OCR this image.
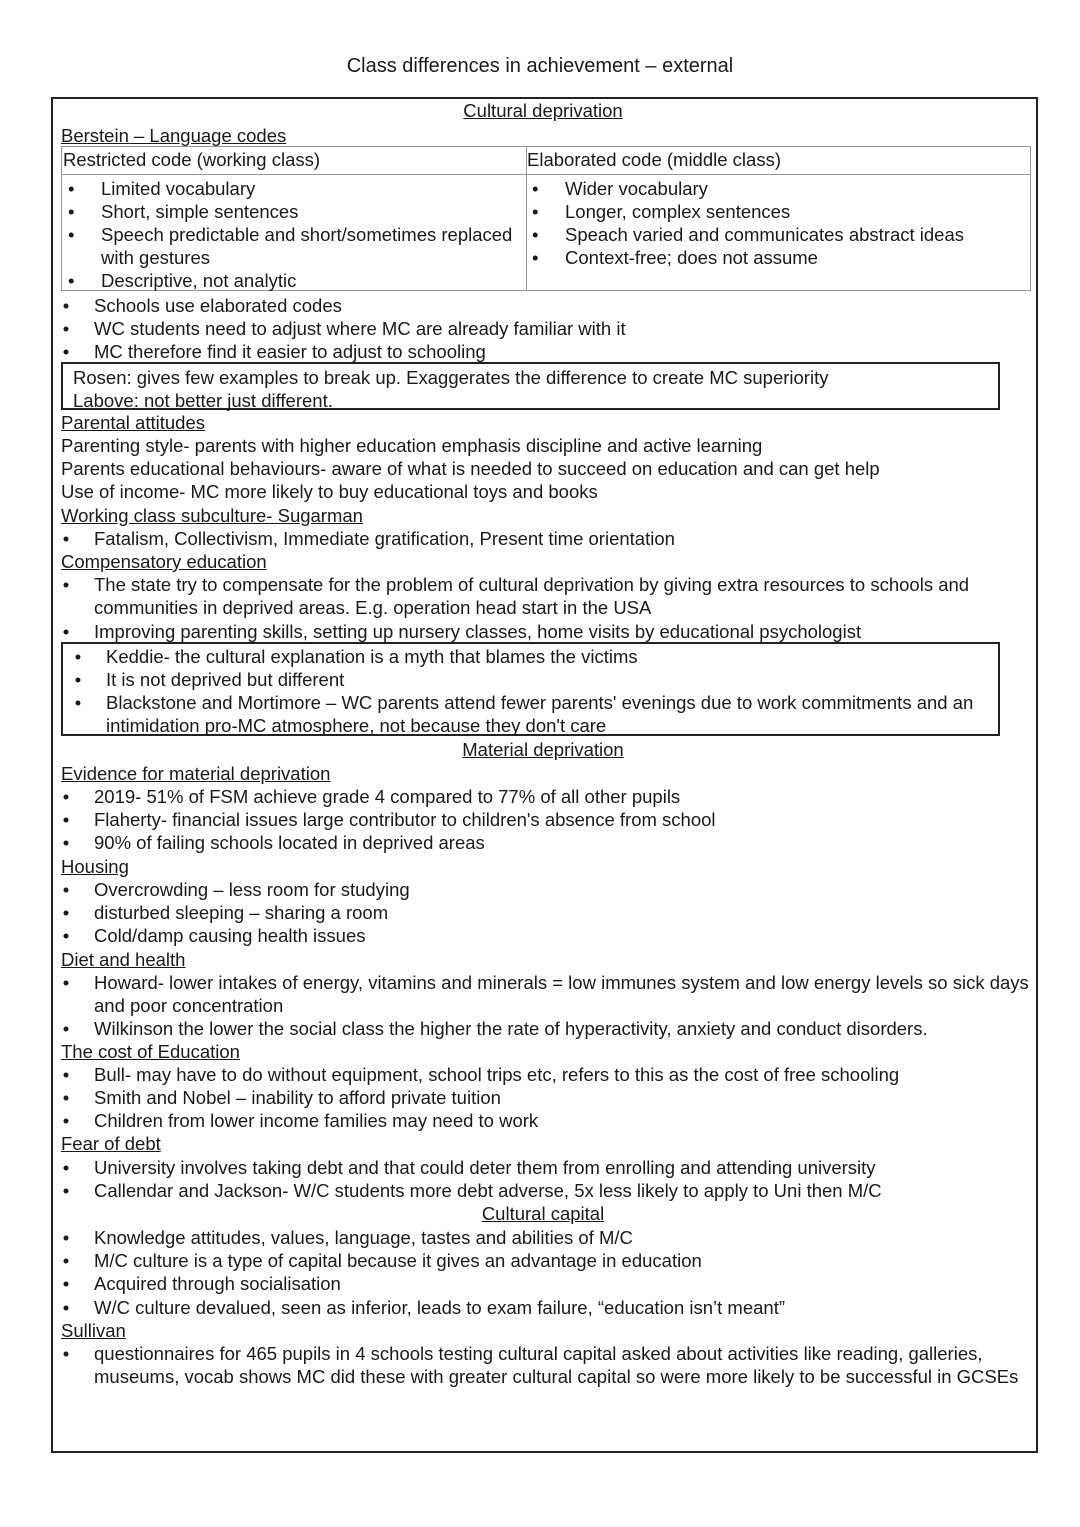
Class differences in achievement – external
Cultural deprivation
Berstein – Language codes
Restricted code (working class)	Elaborated code (middle class)
• Limited vocabulary
• Short, simple sentences
• Speech predictable and short/sometimes replaced with gestures
• Descriptive, not analytic
• Wider vocabulary
• Longer, complex sentences
• Speach varied and communicates abstract ideas
• Context-free; does not assume
• Schools use elaborated codes
• WC students need to adjust where MC are already familiar with it
• MC therefore find it easier to adjust to schooling
Rosen: gives few examples to break up. Exaggerates the difference to create MC superiority
Labove: not better just different.
Parental attitudes
Parenting style- parents with higher education emphasis discipline and active learning
Parents educational behaviours- aware of what is needed to succeed on education and can get help
Use of income- MC more likely to buy educational toys and books
Working class subculture- Sugarman
• Fatalism, Collectivism, Immediate gratification, Present time orientation
Compensatory education
• The state try to compensate for the problem of cultural deprivation by giving extra resources to schools and communities in deprived areas. E.g. operation head start in the USA
• Improving parenting skills, setting up nursery classes, home visits by educational psychologist
• Keddie- the cultural explanation is a myth that blames the victims
• It is not deprived but different
• Blackstone and Mortimore – WC parents attend fewer parents' evenings due to work commitments and an intimidation pro-MC atmosphere, not because they don't care
Material deprivation
Evidence for material deprivation
• 2019- 51% of FSM achieve grade 4 compared to 77% of all other pupils
• Flaherty- financial issues large contributor to children's absence from school
• 90% of failing schools located in deprived areas
Housing
• Overcrowding – less room for studying
• disturbed sleeping – sharing a room
• Cold/damp causing health issues
Diet and health
• Howard- lower intakes of energy, vitamins and minerals = low immunes system and low energy levels so sick days and poor concentration
• Wilkinson the lower the social class the higher the rate of hyperactivity, anxiety and conduct disorders.
The cost of Education
• Bull- may have to do without equipment, school trips etc, refers to this as the cost of free schooling
• Smith and Nobel – inability to afford private tuition
• Children from lower income families may need to work
Fear of debt
• University involves taking debt and that could deter them from enrolling and attending university
• Callendar and Jackson- W/C students more debt adverse, 5x less likely to apply to Uni then M/C
Cultural capital
• Knowledge attitudes, values, language, tastes and abilities of M/C
• M/C culture is a type of capital because it gives an advantage in education
• Acquired through socialisation
• W/C culture devalued, seen as inferior, leads to exam failure, “education isn’t meant”
Sullivan
• questionnaires for 465 pupils in 4 schools testing cultural capital asked about activities like reading, galleries, museums, vocab shows MC did these with greater cultural capital so were more likely to be successful in GCSEs
